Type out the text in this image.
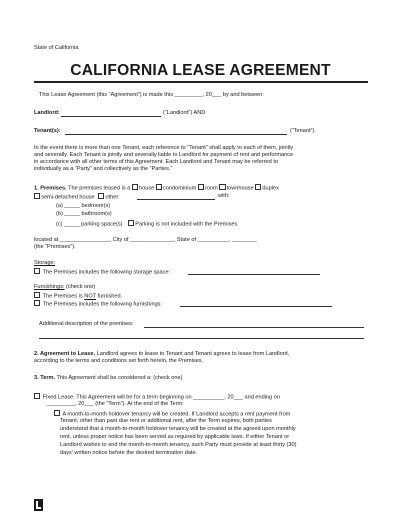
State of California
CALIFORNIA LEASE AGREEMENT
This Lease Agreement (this “Agreement”) is made this _________, 20___ by and between:
Landlord:	(“Landlord”) AND
Tenant(s):	(“Tenant”).
In the event there is more than one Tenant, each reference to “Tenant” shall apply to each of them, jointly
and severally. Each Tenant is jointly and severally liable to Landlord for payment of rent and performance
in accordance with all other terms of this Agreement. Each Landlord and Tenant may be referred to
individually as a “Party” and collectively as the “Parties.”
1. Premises. The premises leased is a house condominium room townhouse duplex
semi-detached house other:	with:
(a) _____ bedroom(s)
(b) _____ bathroom(s)
(c) _____ parking space(s) Parking is not included with the Premises
located at ________________, City of ______________, State of __________, ________
(the “Premises”).
Storage:
The Premises includes the following storage space:
Furnishings: (check one)
The Premises is NOT furnished.
The Premises includes the following furnishings:
Additional description of the premises:
2. Agreement to Lease. Landlord agrees to lease to Tenant and Tenant agrees to lease from Landlord,
according to the terms and conditions set forth herein, the Premises.
3. Term. This Agreement shall be considered a: (check one)
Fixed Lease. This Agreement will be for a term beginning on __________, 20___ and ending on
_________, 20___ (the “Term”). At the end of the Term:
A month-to-month holdover tenancy will be created. If Landlord accepts a rent payment from
Tenant, other than past due rent or additional rent, after the Term expires, both parties
understand that a month-to-month holdover tenancy will be created at the agreed upon monthly
rent, unless proper notice has been served as required by applicable laws. If either Tenant or
Landlord wishes to end the month-to-month tenancy, such Party must provide at least thirty (30)
days’ written notice before the desired termination date.
